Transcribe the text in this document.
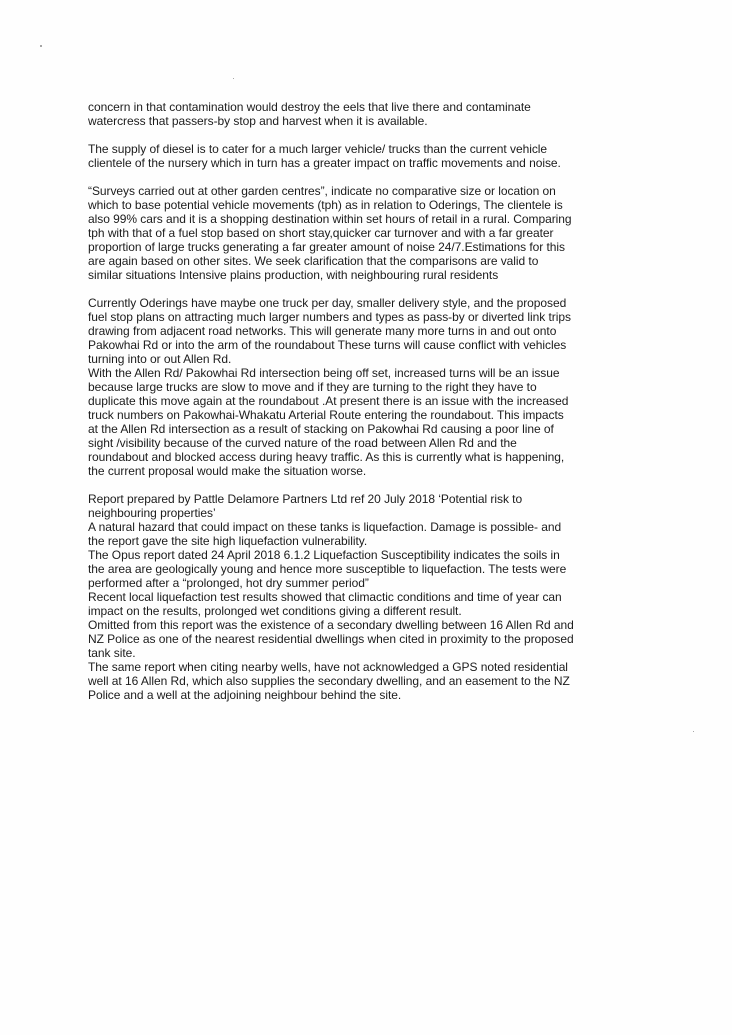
concern in that contamination would destroy the eels that live there and contaminate
watercress that passers-by stop and harvest when it is available.

The supply of diesel is to cater for a much larger vehicle/ trucks than the current vehicle
clientele of the nursery which in turn has a greater impact on traffic movements and noise.

“Surveys carried out at other garden centres”, indicate no comparative size or location on
which to base potential vehicle movements (tph) as in relation to Oderings, The clientele is
also 99% cars and it is a shopping destination within set hours of retail in a rural. Comparing
tph with that of a fuel stop based on short stay,quicker car turnover and with a far greater
proportion of large trucks generating a far greater amount of noise 24/7.Estimations for this
are again based on other sites. We seek clarification that the comparisons are valid to
similar situations Intensive plains production, with neighbouring rural residents

Currently Oderings have maybe one truck per day, smaller delivery style, and the proposed
fuel stop plans on attracting much larger numbers and types as pass-by or diverted link trips
drawing from adjacent road networks. This will generate many more turns in and out onto
Pakowhai Rd or into the arm of the roundabout These turns will cause conflict with vehicles
turning into or out Allen Rd.
With the Allen Rd/ Pakowhai Rd intersection being off set, increased turns will be an issue
because large trucks are slow to move and if they are turning to the right they have to
duplicate this move again at the roundabout .At present there is an issue with the increased
truck numbers on Pakowhai-Whakatu Arterial Route entering the roundabout. This impacts
at the Allen Rd intersection as a result of stacking on Pakowhai Rd causing a poor line of
sight /visibility because of the curved nature of the road between Allen Rd and the
roundabout and blocked access during heavy traffic. As this is currently what is happening,
the current proposal would make the situation worse.

Report prepared by Pattle Delamore Partners Ltd ref 20 July 2018 ‘Potential risk to
neighbouring properties’
A natural hazard that could impact on these tanks is liquefaction. Damage is possible- and
the report gave the site high liquefaction vulnerability.
The Opus report dated 24 April 2018 6.1.2 Liquefaction Susceptibility indicates the soils in
the area are geologically young and hence more susceptible to liquefaction. The tests were
performed after a “prolonged, hot dry summer period”
Recent local liquefaction test results showed that climactic conditions and time of year can
impact on the results, prolonged wet conditions giving a different result.
Omitted from this report was the existence of a secondary dwelling between 16 Allen Rd and
NZ Police as one of the nearest residential dwellings when cited in proximity to the proposed
tank site.
The same report when citing nearby wells, have not acknowledged a GPS noted residential
well at 16 Allen Rd, which also supplies the secondary dwelling, and an easement to the NZ
Police and a well at the adjoining neighbour behind the site.
